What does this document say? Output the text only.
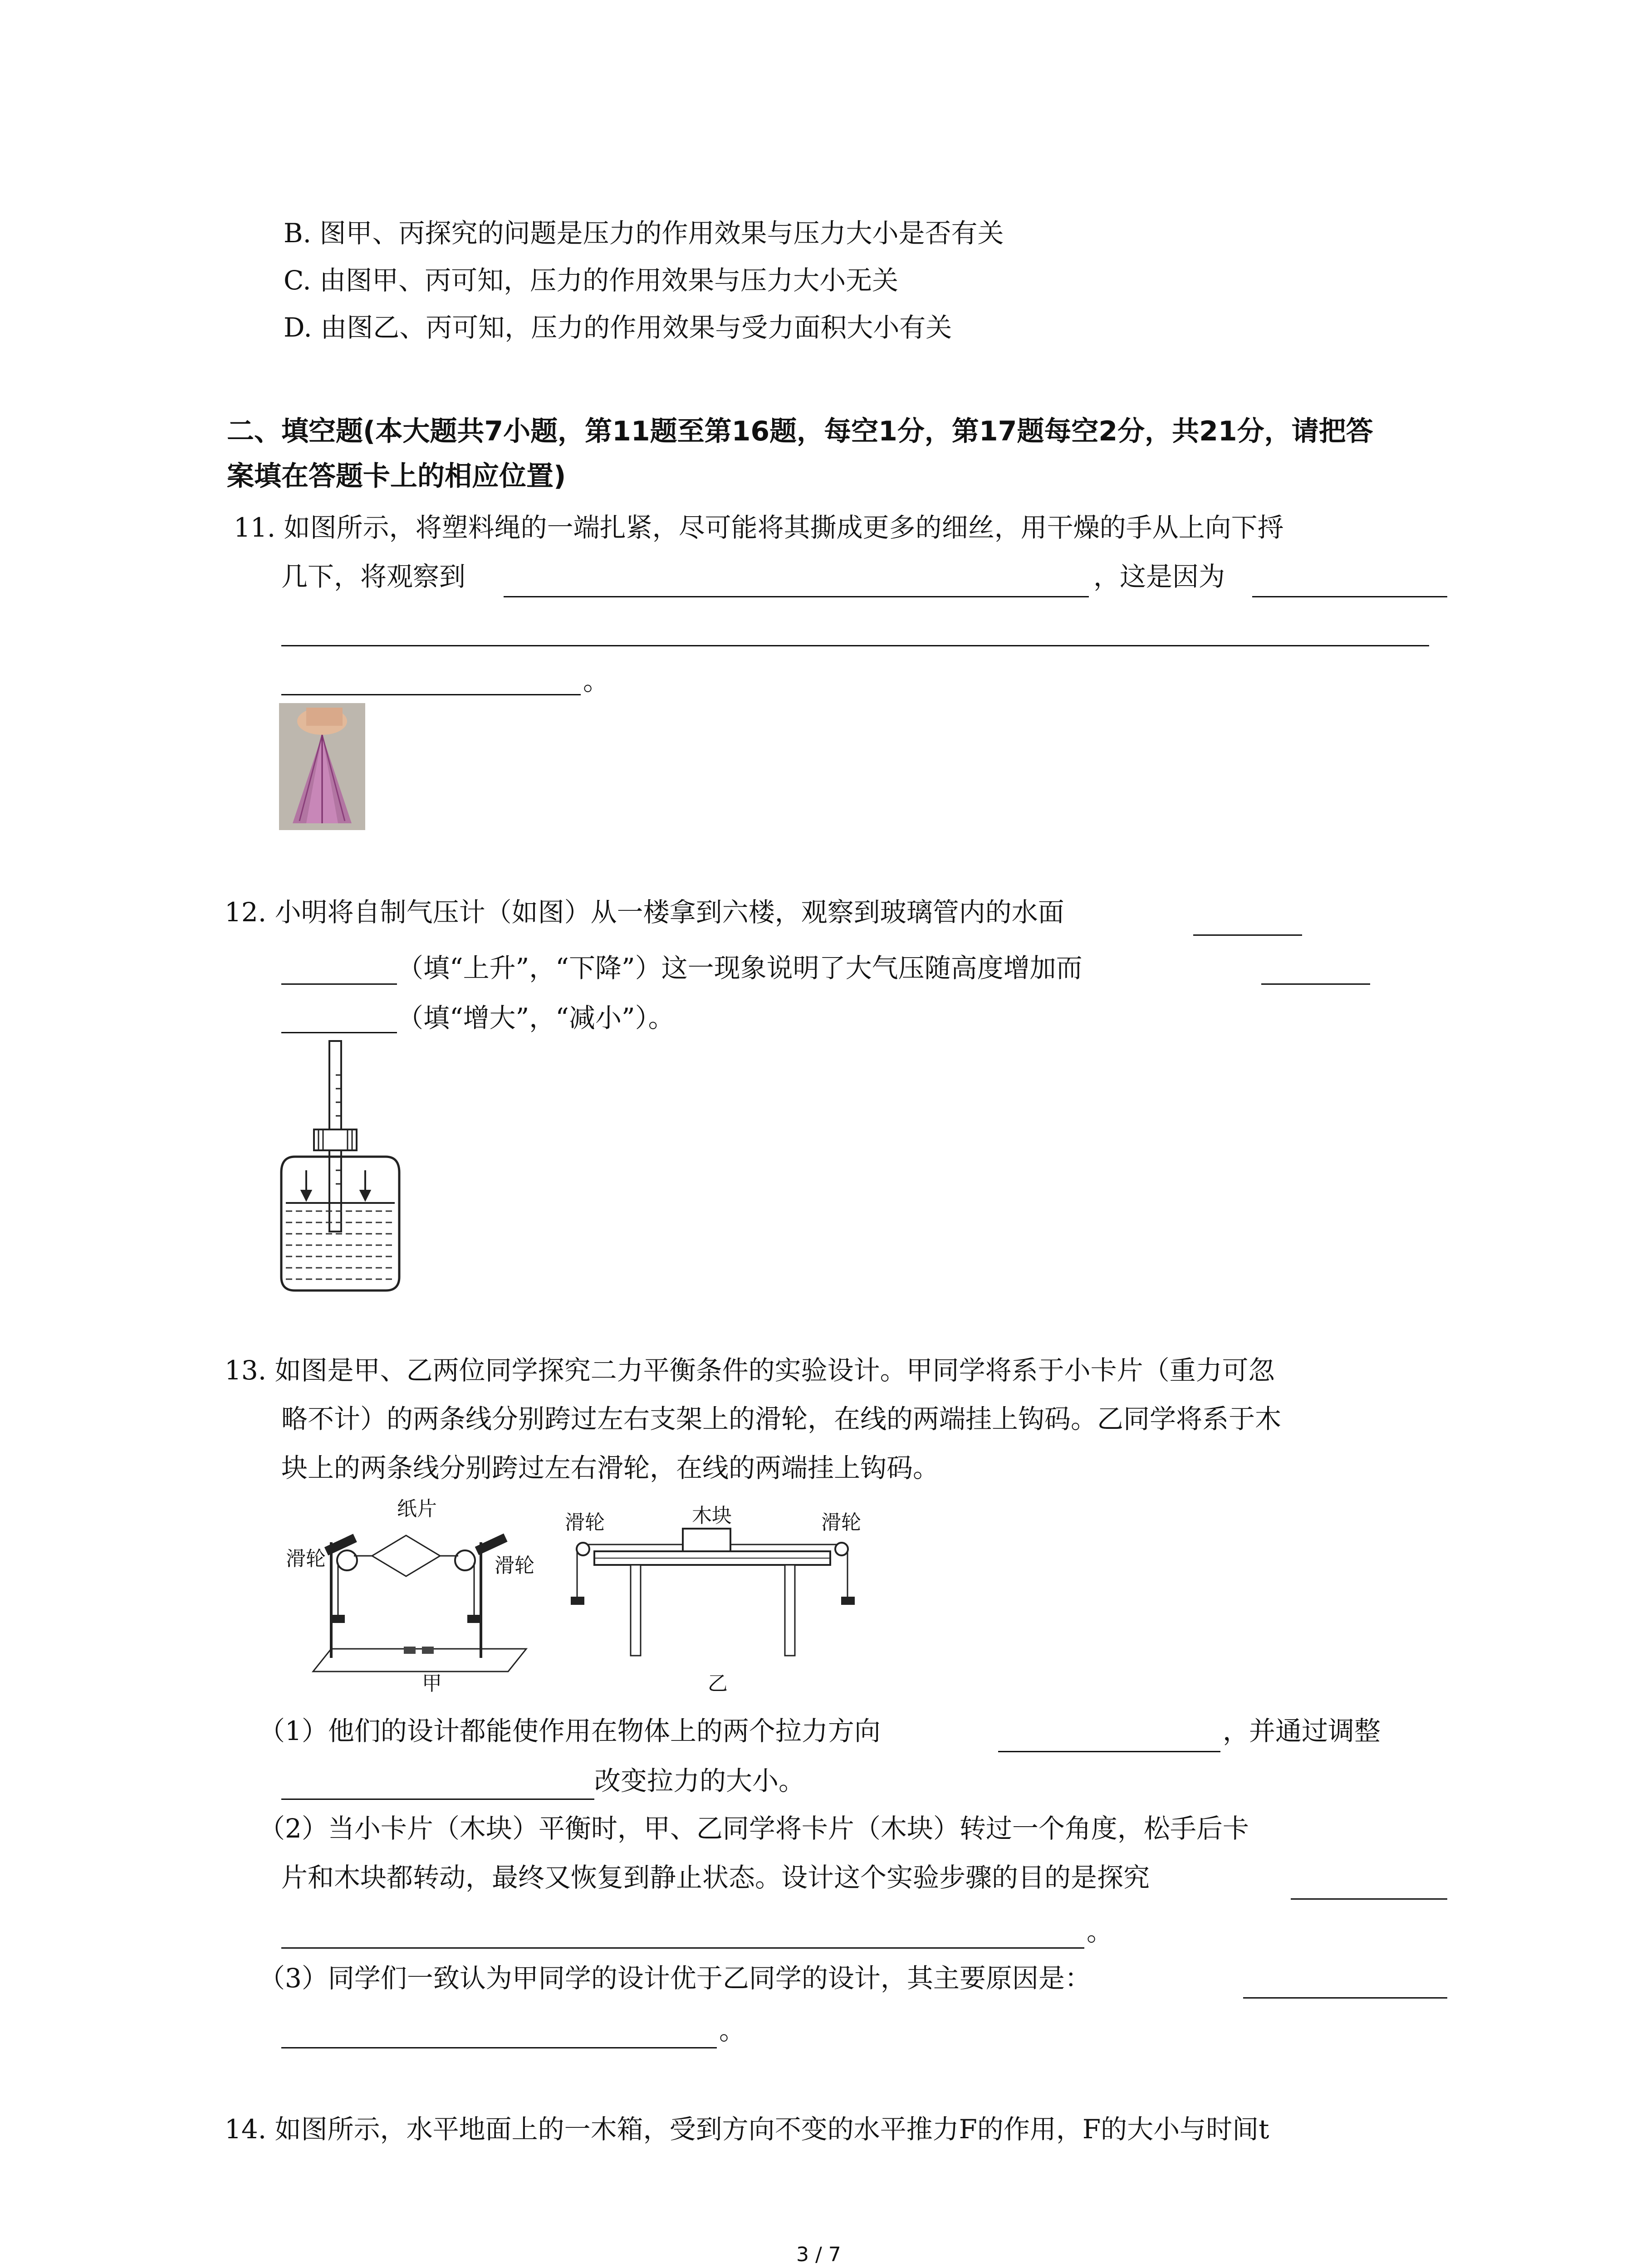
B. 图甲、丙探究的问题是压力的作用效果与压力大小是否有关
C. 由图甲、丙可知，压力的作用效果与压力大小无关
D. 由图乙、丙可知，压力的作用效果与受力面积大小有关
二、填空题(本大题共7小题，第11题至第16题，每空1分，第17题每空2分，共21分，请把答
案填在答题卡上的相应位置)
11. 如图所示，将塑料绳的一端扎紧，尽可能将其撕成更多的细丝，用干燥的手从上向下捋
几下，将观察到	，这是因为
。
12. 小明将自制气压计（如图）从一楼拿到六楼，观察到玻璃管内的水面
（填“上升”，“下降”）这一现象说明了大气压随高度增加而
（填“增大”，“减小”）。
13. 如图是甲、乙两位同学探究二力平衡条件的实验设计。甲同学将系于小卡片（重力可忽
略不计）的两条线分别跨过左右支架上的滑轮，在线的两端挂上钩码。乙同学将系于木
块上的两条线分别跨过左右滑轮，在线的两端挂上钩码。
纸片
滑轮	滑轮
甲
木块
滑轮	滑轮
乙
（1）他们的设计都能使作用在物体上的两个拉力方向	，并通过调整
改变拉力的大小。
（2）当小卡片（木块）平衡时，甲、乙同学将卡片（木块）转过一个角度，松手后卡
片和木块都转动，最终又恢复到静止状态。设计这个实验步骤的目的是探究
。
（3）同学们一致认为甲同学的设计优于乙同学的设计，其主要原因是：
。
14. 如图所示，水平地面上的一木箱，受到方向不变的水平推力F的作用，F的大小与时间t
3 / 7
